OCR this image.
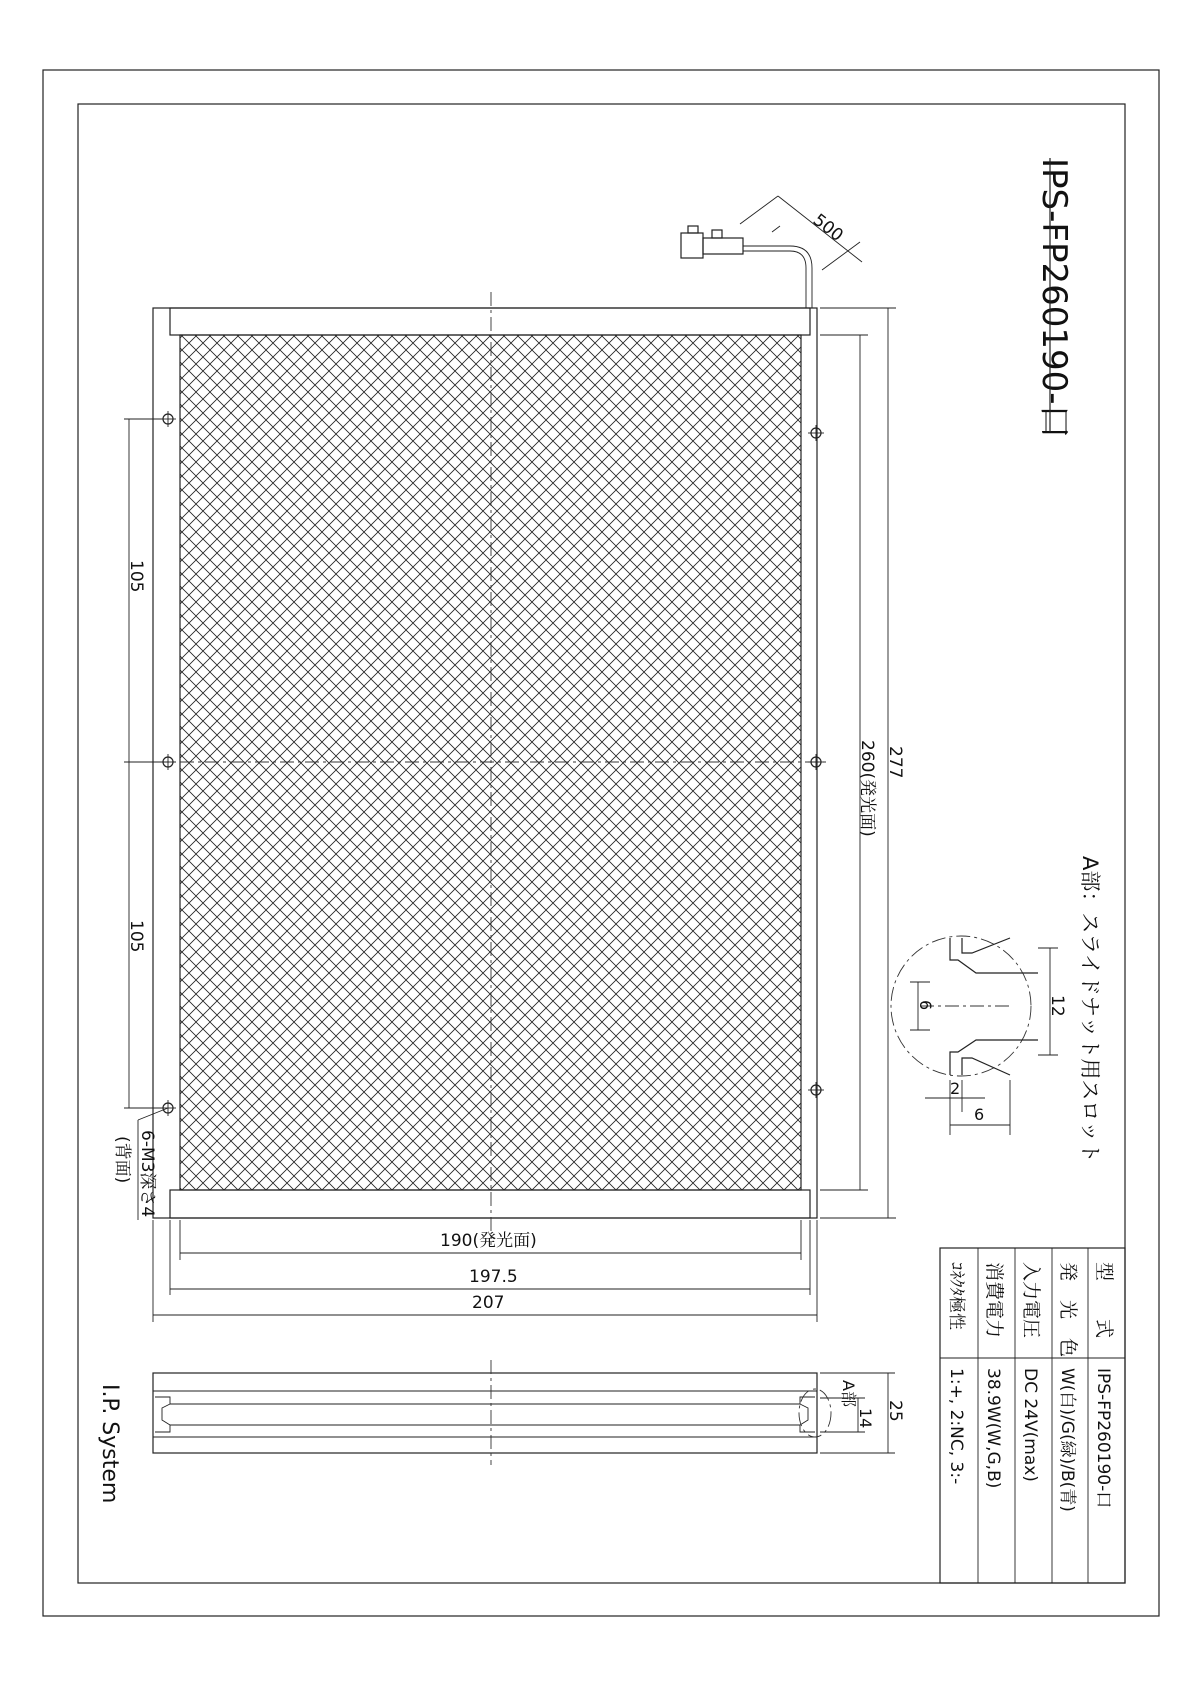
IPS-FP260190-口
I.P. System
500
105
105
6-M3深さ4
(背面)
260(発光面) 277
190(発光面)
197.5
207
25
14
A部
12
6
2
6	A部：スライドナット用スロット
型　　式
発　光　色
入力電圧
消費電力
ｺﾈｸﾀ極性
IPS-FP260190-口
W(白)/G(緑)/B(青)
DC 24V(max)
38.9W(W,G,B)
1:+, 2:NC, 3:-
